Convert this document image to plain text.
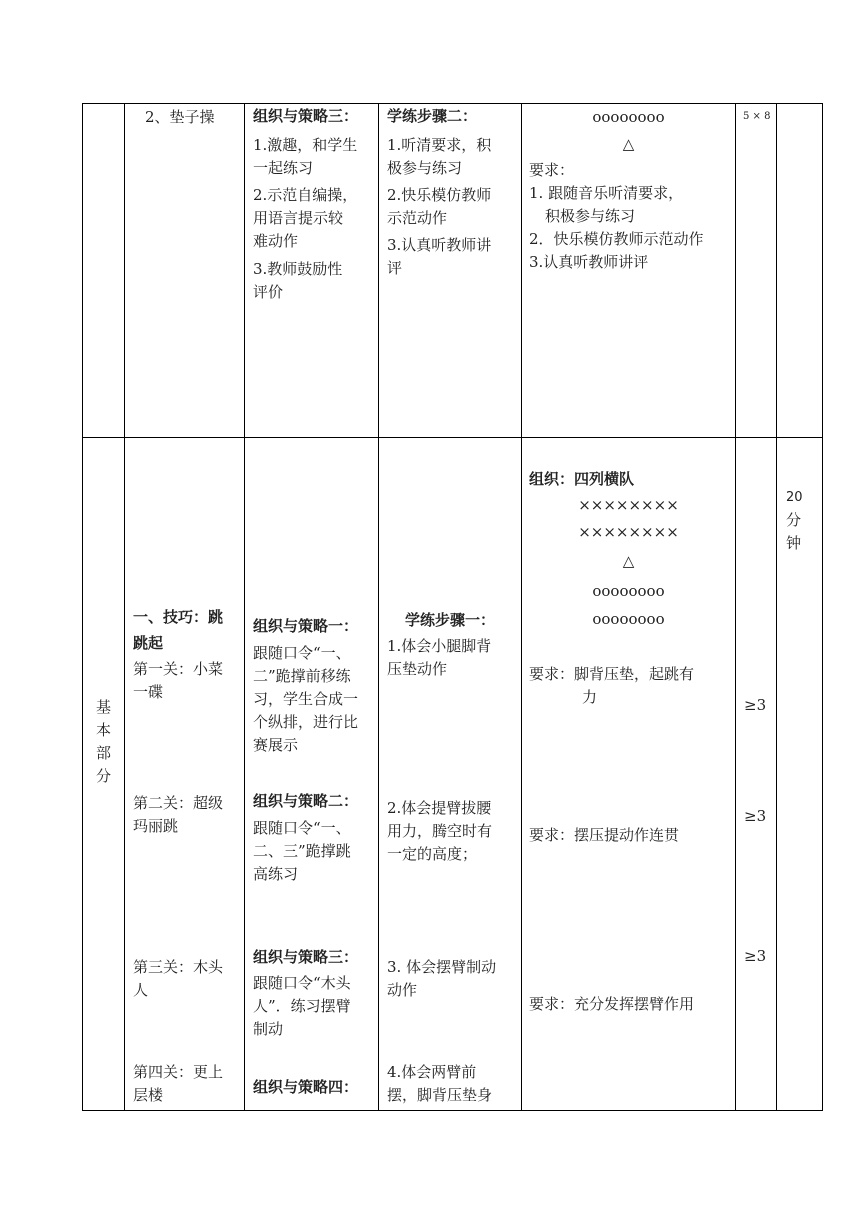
2、垫子操	组织与策略三：
1.激趣，和学生
一起练习
2.示范自编操，
用语言提示较
难动作
3.教师鼓励性
评价
学练步骤二：
1.听清要求，积
极参与练习
2.快乐模仿教师
示范动作
3.认真听教师讲
评
oooooooo
△
要求：
1. 跟随音乐听清要求，
积极参与练习
2．快乐模仿教师示范动作
3.认真听教师讲评
5 × 8
基
本
部
分
一、技巧：跳
跳起
第一关：小菜
一碟
第二关：超级
玛丽跳
第三关：木头
人
第四关：更上
层楼
组织与策略一：
跟随口令“一、
二”跪撑前移练
习，学生合成一
个纵排，进行比
赛展示
组织与策略二：
跟随口令“一、
二、三”跪撑跳
高练习
组织与策略三：
跟随口令“木头
人”．练习摆臂
制动
组织与策略四：
学练步骤一：
1.体会小腿脚背
压垫动作
2.体会提臂拔腰
用力，腾空时有
一定的高度；
3. 体会摆臂制动
动作
4.体会两臂前
摆，脚背压垫身
组织：四列横队
××××××××
××××××××
△
oooooooo
oooooooo
要求：脚背压垫，起跳有
力
要求：摆压提动作连贯
要求：充分发挥摆臂作用
≥3
≥3
≥3
20
分
钟
